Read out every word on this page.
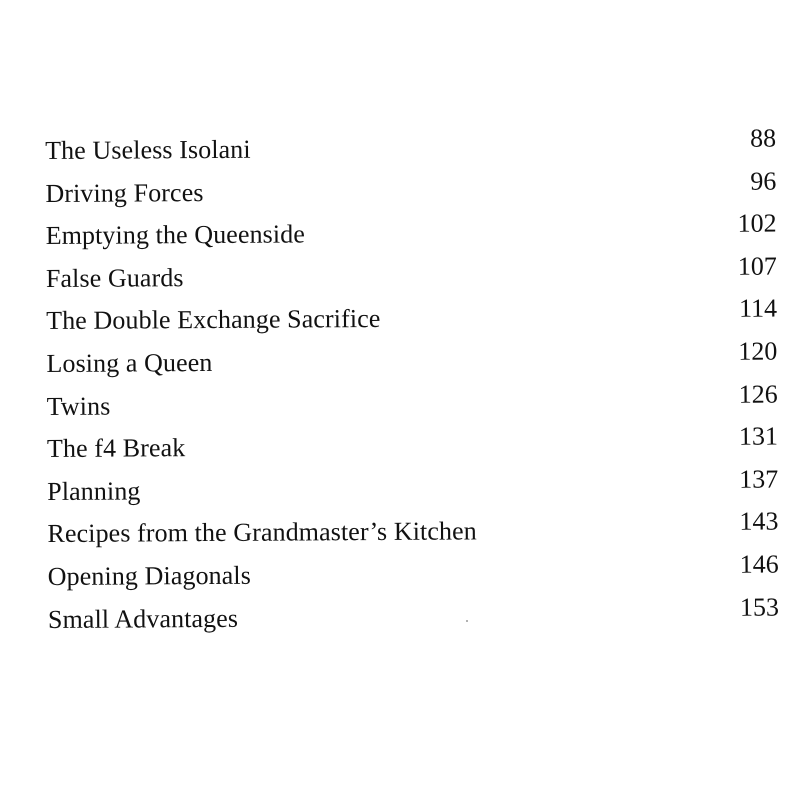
The Useless Isolani	88
Driving Forces	96
Emptying the Queenside	102
False Guards	107
The Double Exchange Sacrifice	114
Losing a Queen	120
Twins	126
The f4 Break	131
Planning	137
Recipes from the Grandmaster’s Kitchen	143
Opening Diagonals	146
Small Advantages	153
